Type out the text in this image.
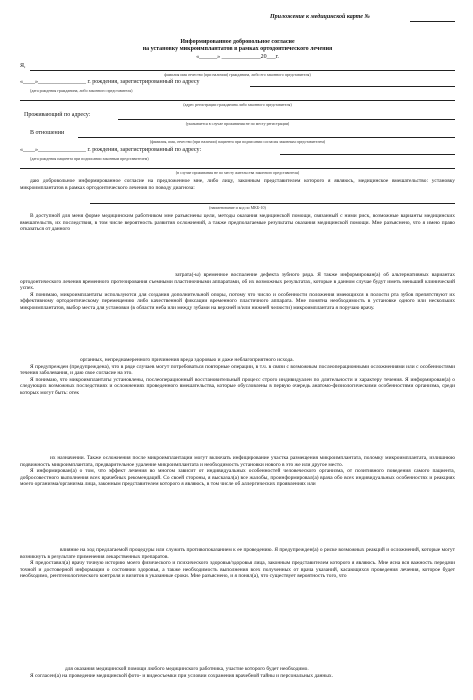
Приложение к медицинской карте №
Информированное добровольное согласие
на установку микроимплантатов в рамках ортодонтического лечения
«______» _____________20___г.
Я,
фамилия имя отчество (при наличии) гражданина, либо его законного представителя)
«____»________________ г. рождения, зарегистрированный по адресу
(дата рождения гражданина, либо законного представителя)
(адрес регистрации гражданина либо законного представителя)
Проживающий по адресу:
(указывается в случае проживания не по месту регистрации)
В отношении
(фамилия, имя, отчество (при наличии) пациента при подписании согласия законным представителем)
«____»________________ г. рождения, зарегистрированный по адресу:
(дата рождения пациента при подписании законным представителем)
(в случае проживания не по месту жительства законного представителя)

даю добровольное информированное согласие на предложенное мне, либо лицу, законным представителем которого я являюсь, медицинское вмешательство: установку микроимплантатов в рамках ортодонтического лечения по поводу диагноза:

(наименование и код по МКБ-10)

В доступной для меня форме медицинским работником мне разъяснены цели, методы оказания медицинской помощи, связанный с ними риск, возможные варианты медицинских вмешательств, их последствия, в том числе вероятность развития осложнений, а также предполагаемые результаты оказания медицинской помощи. Мне разъяснено, что я имею право отказаться от данного

затрата(-ы) временное воспаление дефекта зубного ряда. Я также информирован(а) об альтернативных вариантах ортодонтического лечения временного протезирования съемными пластиночными аппаратами, об их возможных результатах, которые в данном случае будут иметь меньший клинический успех.

Я понимаю, микроимплантаты используются для создания дополнительной опоры, потому что число и особенности положения имеющихся в полости рта зубов препятствуют их эффективному ортодонтическому перемещению либо качественной фиксации временного пластичного аппарата. Мне понятна необходимость в установке одного или нескольких микроимплантатов, выбор места для установки (в области неба или между зубами на верхней и/или нижней челюсти) микроимплантата я поручаю врачу.

органных, непреднамеренного причинения вреда здоровью и даже неблагоприятного исхода.

Я предупрежден (предупреждена), что в ряде случаев могут потребоваться повторные операции, в т.ч. в связи с возможным послеоперационными осложнениями или с особенностями течения заболевания, и даю свое согласие на это.

Я понимаю, что микроимплантаты установлены, послеоперационный восстановительный процесс строго индивидуален по длительности и характеру течения. Я информирован(а) о следующих возможных последствиях и осложнениях проведенного вмешательства, которые обусловлены в первую очередь анатомо-физиологическими особенностями организма, среди которых могут быть: отек

их назначении. Также осложнения после микроимплантации могут включать инфицирование участка размещения микроимплантата, поломку микроимплантата, излишнюю подвижность микроимплантата, предварительное удаление микроимплантата и необходимость установки нового в это же или другое место.

Я информирован(а) о том, что эффект лечения во многом зависит от индивидуальных особенностей человеческого организма, от позитивного поведения самого пациента, добросовестного выполнения всех врачебных рекомендаций. Со своей стороны, я высказал(а) все жалобы, проинформировал(а) врача обо всех индивидуальных особенностях и реакциях моего организма/организма лица, законным представителем которого я являюсь, в том числе об аллергических проявлениях или

влияние на ход предлагаемой процедуры или служить противопоказанием к ее проведению. Я предупрежден(а) о риске возможных реакций и осложнений, которые могут возникнуть в результате применения лекарственных препаратов.

Я предоставил(а) врачу точную историю моего физического и психического здоровья/здоровья лица, законным представителем которого я являюсь. Мне ясна вся важность передачи точной и достоверной информации о состоянии здоровья, а также необходимость выполнения всех полученных от врача указаний, касающихся проведения лечения, которое будет необходимо, рентгенологического контроля и визитов в указанные сроки. Мне разъяснено, и я понял(а), что существует вероятность того, что

для оказания медицинской помощи любого медицинского работника, участие которого будет необходимо.

Я согласен(а) на проведение медицинской фото- и видеосъемки при условии сохранения врачебной тайны и персональных данных.
